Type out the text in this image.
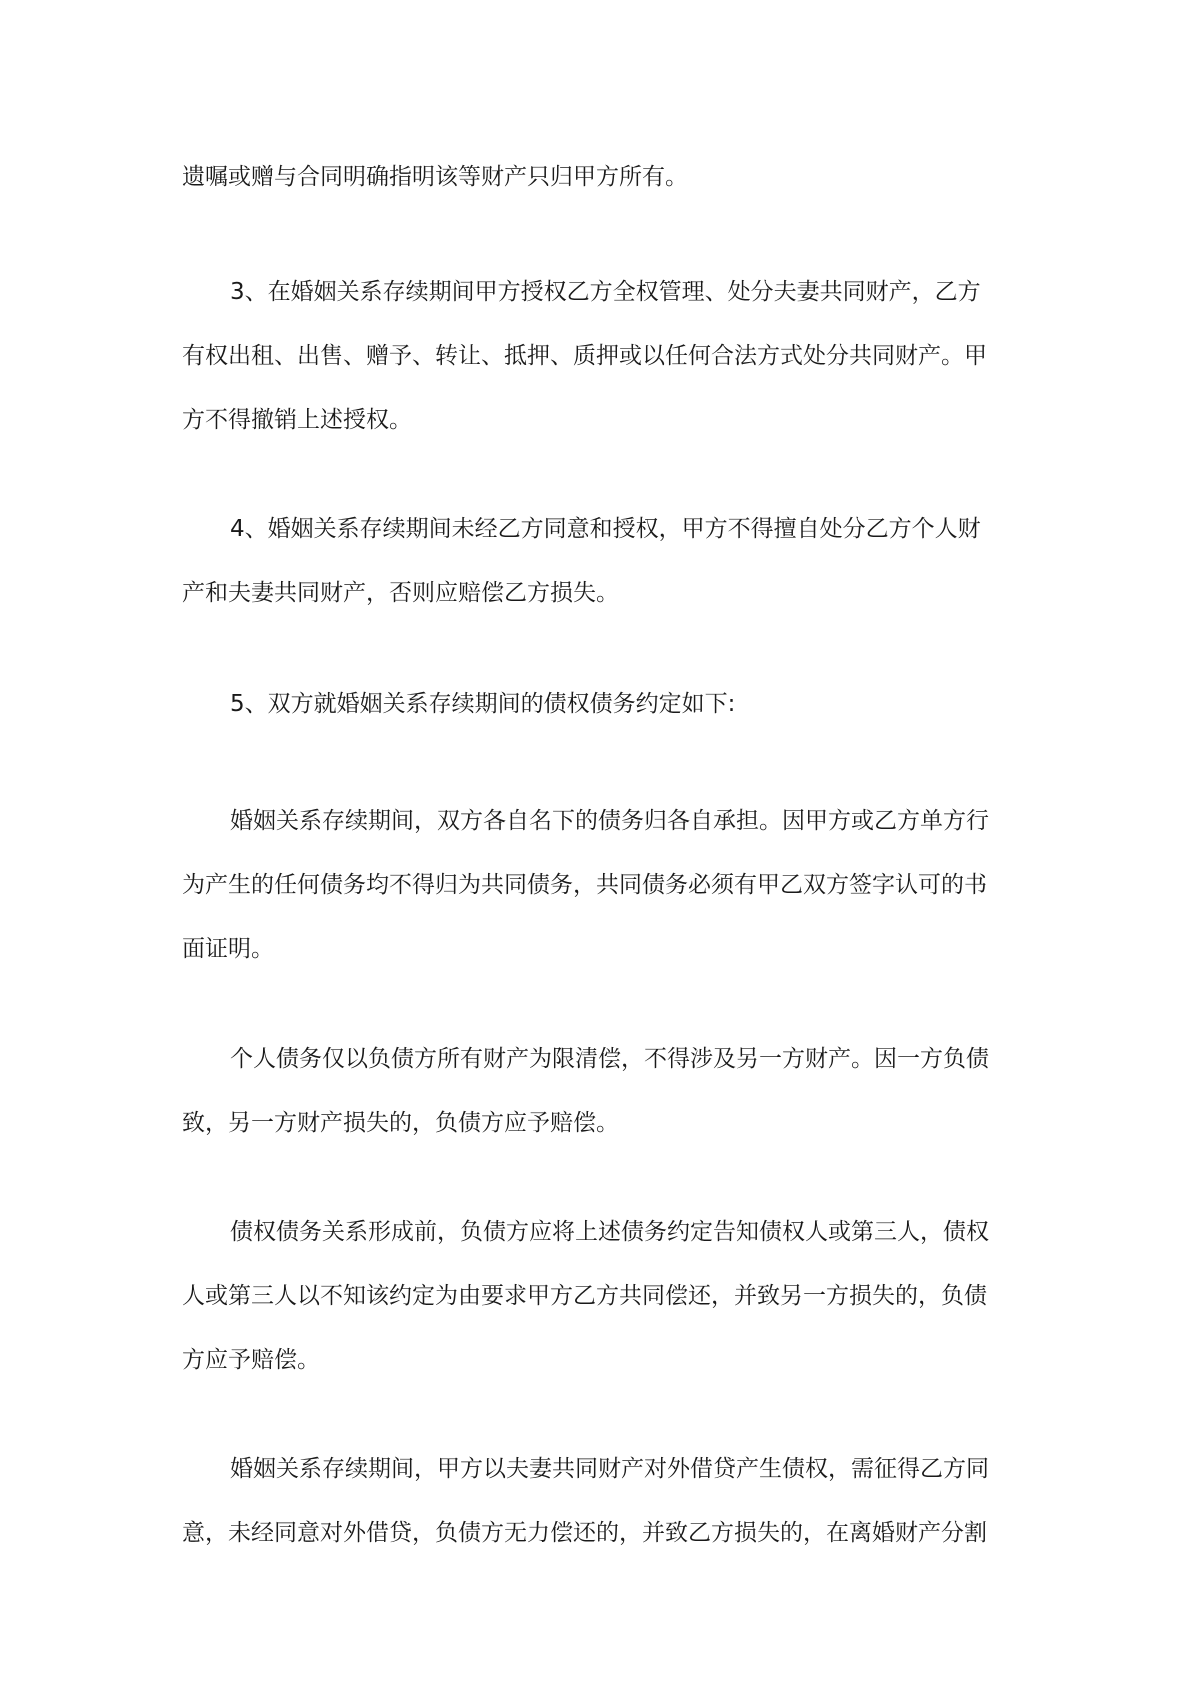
遗嘱或赠与合同明确指明该等财产只归甲方所有。
3、在婚姻关系存续期间甲方授权乙方全权管理、处分夫妻共同财产，乙方
有权出租、出售、赠予、转让、抵押、质押或以任何合法方式处分共同财产。甲
方不得撤销上述授权。
4、婚姻关系存续期间未经乙方同意和授权，甲方不得擅自处分乙方个人财
产和夫妻共同财产，否则应赔偿乙方损失。
5、双方就婚姻关系存续期间的债权债务约定如下:
婚姻关系存续期间，双方各自名下的债务归各自承担。因甲方或乙方单方行
为产生的任何债务均不得归为共同债务，共同债务必须有甲乙双方签字认可的书
面证明。
个人债务仅以负债方所有财产为限清偿，不得涉及另一方财产。因一方负债
致，另一方财产损失的，负债方应予赔偿。
债权债务关系形成前，负债方应将上述债务约定告知债权人或第三人，债权
人或第三人以不知该约定为由要求甲方乙方共同偿还，并致另一方损失的，负债
方应予赔偿。
婚姻关系存续期间，甲方以夫妻共同财产对外借贷产生债权，需征得乙方同
意，未经同意对外借贷，负债方无力偿还的，并致乙方损失的，在离婚财产分割
